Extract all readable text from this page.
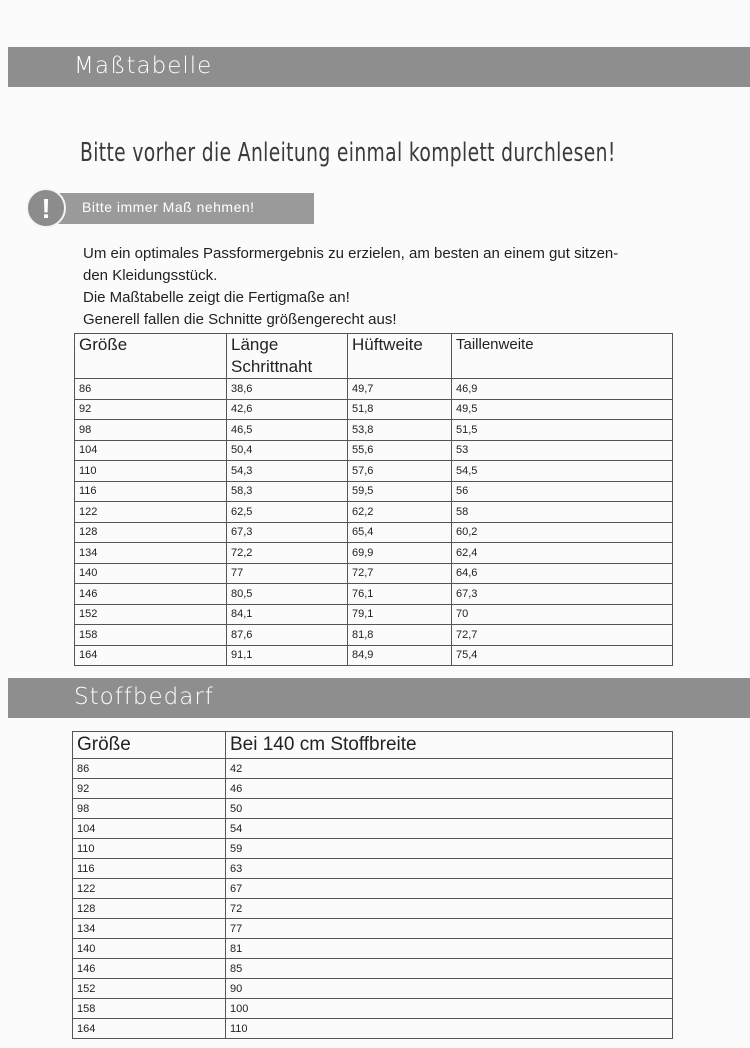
Maßtabelle
Bitte vorher die Anleitung einmal komplett durchlesen!
!	Bitte immer Maß nehmen!
Um ein optimales Passformergebnis zu erzielen, am besten an einem gut sitzen-
den Kleidungsstück.
Die Maßtabelle zeigt die Fertigmaße an!
Generell fallen die Schnitte größengerecht aus!
Größe	Länge Schrittnaht	Hüftweite	Taillenweite
86	38,6	49,7	46,9
92	42,6	51,8	49,5
98	46,5	53,8	51,5
104	50,4	55,6	53
110	54,3	57,6	54,5
116	58,3	59,5	56
122	62,5	62,2	58
128	67,3	65,4	60,2
134	72,2	69,9	62,4
140	77	72,7	64,6
146	80,5	76,1	67,3
152	84,1	79,1	70
158	87,6	81,8	72,7
164	91,1	84,9	75,4
Stoffbedarf
Größe	Bei 140 cm Stoffbreite
86	42
92	46
98	50
104	54
110	59
116	63
122	67
128	72
134	77
140	81
146	85
152	90
158	100
164	110
